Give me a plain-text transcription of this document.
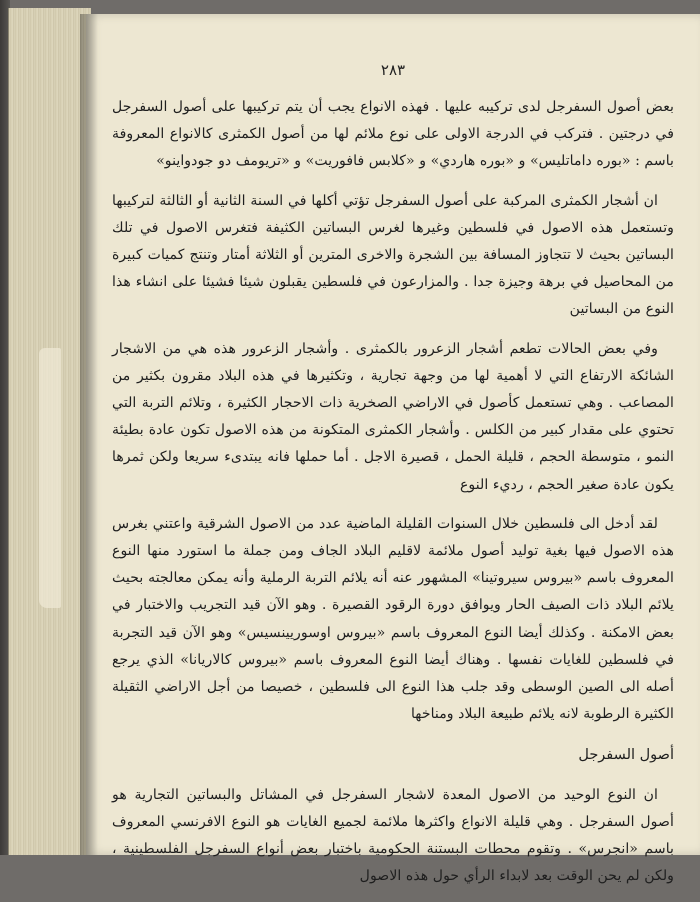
٢٨٣

بعض أصول السفرجل لدى تركيبه عليها . فهذه الانواع يجب أن يتم تركيبها على أصول السفرجل في درجتين . فتركب في الدرجة الاولى على نوع ملائم لها من أصول الكمثرى كالانواع المعروفة باسم : «بوره داماتليس» و «بوره هاردي» و «كلابس فافوريت» و «تريومف دو جودواينو»

ان أشجار الكمثرى المركبة على أصول السفرجل تؤتي أكلها في السنة الثانية أو الثالثة لتركيبها وتستعمل هذه الاصول في فلسطين وغيرها لغرس البساتين الكثيفة فتغرس الاصول في تلك البساتين بحيث لا تتجاوز المسافة بين الشجرة والاخرى المترين أو الثلاثة أمتار وتنتج كميات كبيرة من المحاصيل في برهة وجيزة جدا . والمزارعون في فلسطين يقبلون شيئا فشيئا على انشاء هذا النوع من البساتين

وفي بعض الحالات تطعم أشجار الزعرور بالكمثرى . وأشجار الزعرور هذه هي من الاشجار الشائكة الارتفاع التي لا أهمية لها من وجهة تجارية ، وتكثيرها في هذه البلاد مقرون بكثير من المصاعب . وهي تستعمل كأصول في الاراضي الصخرية ذات الاحجار الكثيرة ، وتلائم التربة التي تحتوي على مقدار كبير من الكلس . وأشجار الكمثرى المتكونة من هذه الاصول تكون عادة بطيئة النمو ، متوسطة الحجم ، قليلة الحمل ، قصيرة الاجل . أما حملها فانه يبتدىء سريعا ولكن ثمرها يكون عادة صغير الحجم ، رديء النوع

لقد أدخل الى فلسطين خلال السنوات القليلة الماضية عدد من الاصول الشرقية واعتني بغرس هذه الاصول فيها بغية توليد أصول ملائمة لاقليم البلاد الجاف ومن جملة ما استورد منها النوع المعروف باسم «بيروس سيروتينا» المشهور عنه أنه يلائم التربة الرملية وأنه يمكن معالجته بحيث يلائم البلاد ذات الصيف الحار ويوافق دورة الرقود القصيرة . وهو الآن قيد التجريب والاختبار في بعض الامكنة . وكذلك أيضا النوع المعروف باسم «بيروس اوسوريينسيس» وهو الآن قيد التجربة في فلسطين للغايات نفسها . وهناك أيضا النوع المعروف باسم «بيروس كالاريانا» الذي يرجع أصله الى الصين الوسطى وقد جلب هذا النوع الى فلسطين ، خصيصا من أجل الاراضي الثقيلة الكثيرة الرطوبة لانه يلائم طبيعة البلاد ومناخها

أصول السفرجل

ان النوع الوحيد من الاصول المعدة لاشجار السفرجل في المشاتل والبساتين التجارية هو أصول السفرجل . وهي قليلة الانواع واكثرها ملائمة لجميع الغايات هو النوع الافرنسي المعروف باسم «انجرس» . وتقوم محطات البستنة الحكومية باختبار بعض أنواع السفرجل الفلسطينية ، ولكن لم يحن الوقت بعد لابداء الرأي حول هذه الاصول
